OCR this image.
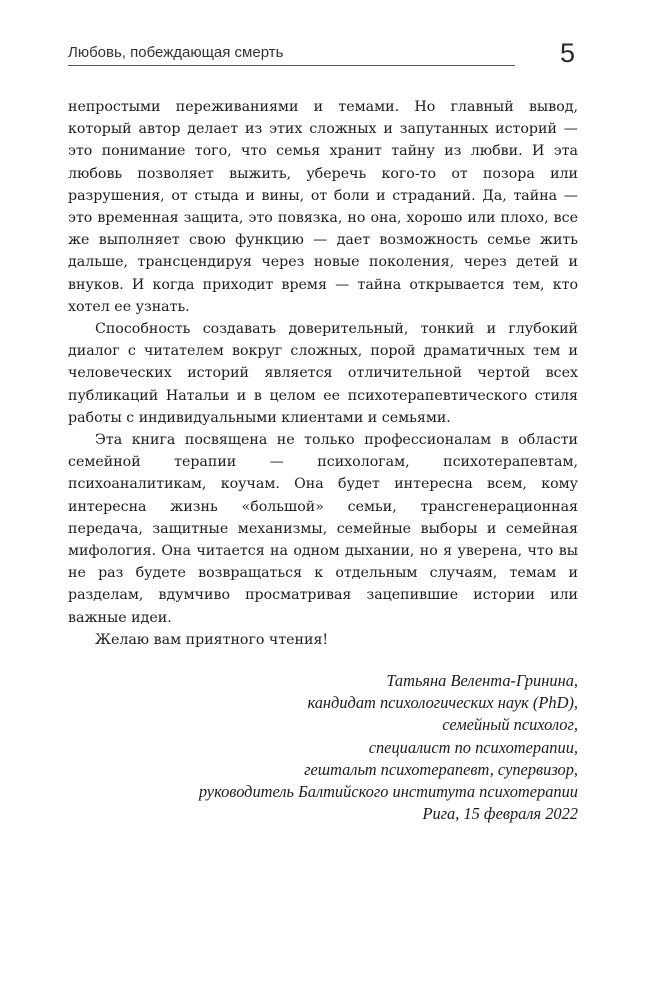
Любовь, побеждающая смерть	5

непростыми переживаниями и темами. Но главный вывод, который автор делает из этих сложных и запутанных историй — это понимание того, что семья хранит тайну из любви. И эта любовь позволяет выжить, уберечь кого-то от позора или разрушения, от стыда и вины, от боли и страданий. Да, тайна — это временная защита, это повязка, но она, хорошо или плохо, все же выполняет свою функцию — дает возможность семье жить дальше, трансцендируя через новые поколения, через детей и внуков. И когда приходит время — тайна открывается тем, кто хотел ее узнать.

Способность создавать доверительный, тонкий и глубокий диалог с читателем вокруг сложных, порой драматичных тем и человеческих историй является отличительной чертой всех публикаций Натальи и в целом ее психотерапевтического стиля работы с индивидуальными клиентами и семьями.

Эта книга посвящена не только профессионалам в области семейной терапии — психологам, психотерапевтам, психоаналитикам, коучам. Она будет интересна всем, кому интересна жизнь «большой» семьи, трансгенерационная передача, защитные механизмы, семейные выборы и семейная мифология. Она читается на одном дыхании, но я уверена, что вы не раз будете возвращаться к отдельным случаям, темам и разделам, вдумчиво просматривая зацепившие истории или важные идеи.

Желаю вам приятного чтения!

Татьяна Велента-Гринина,
кандидат психологических наук (PhD),
семейный психолог,
специалист по психотерапии,
гештальт психотерапевт, супервизор,
руководитель Балтийского института психотерапии
Рига, 15 февраля 2022
